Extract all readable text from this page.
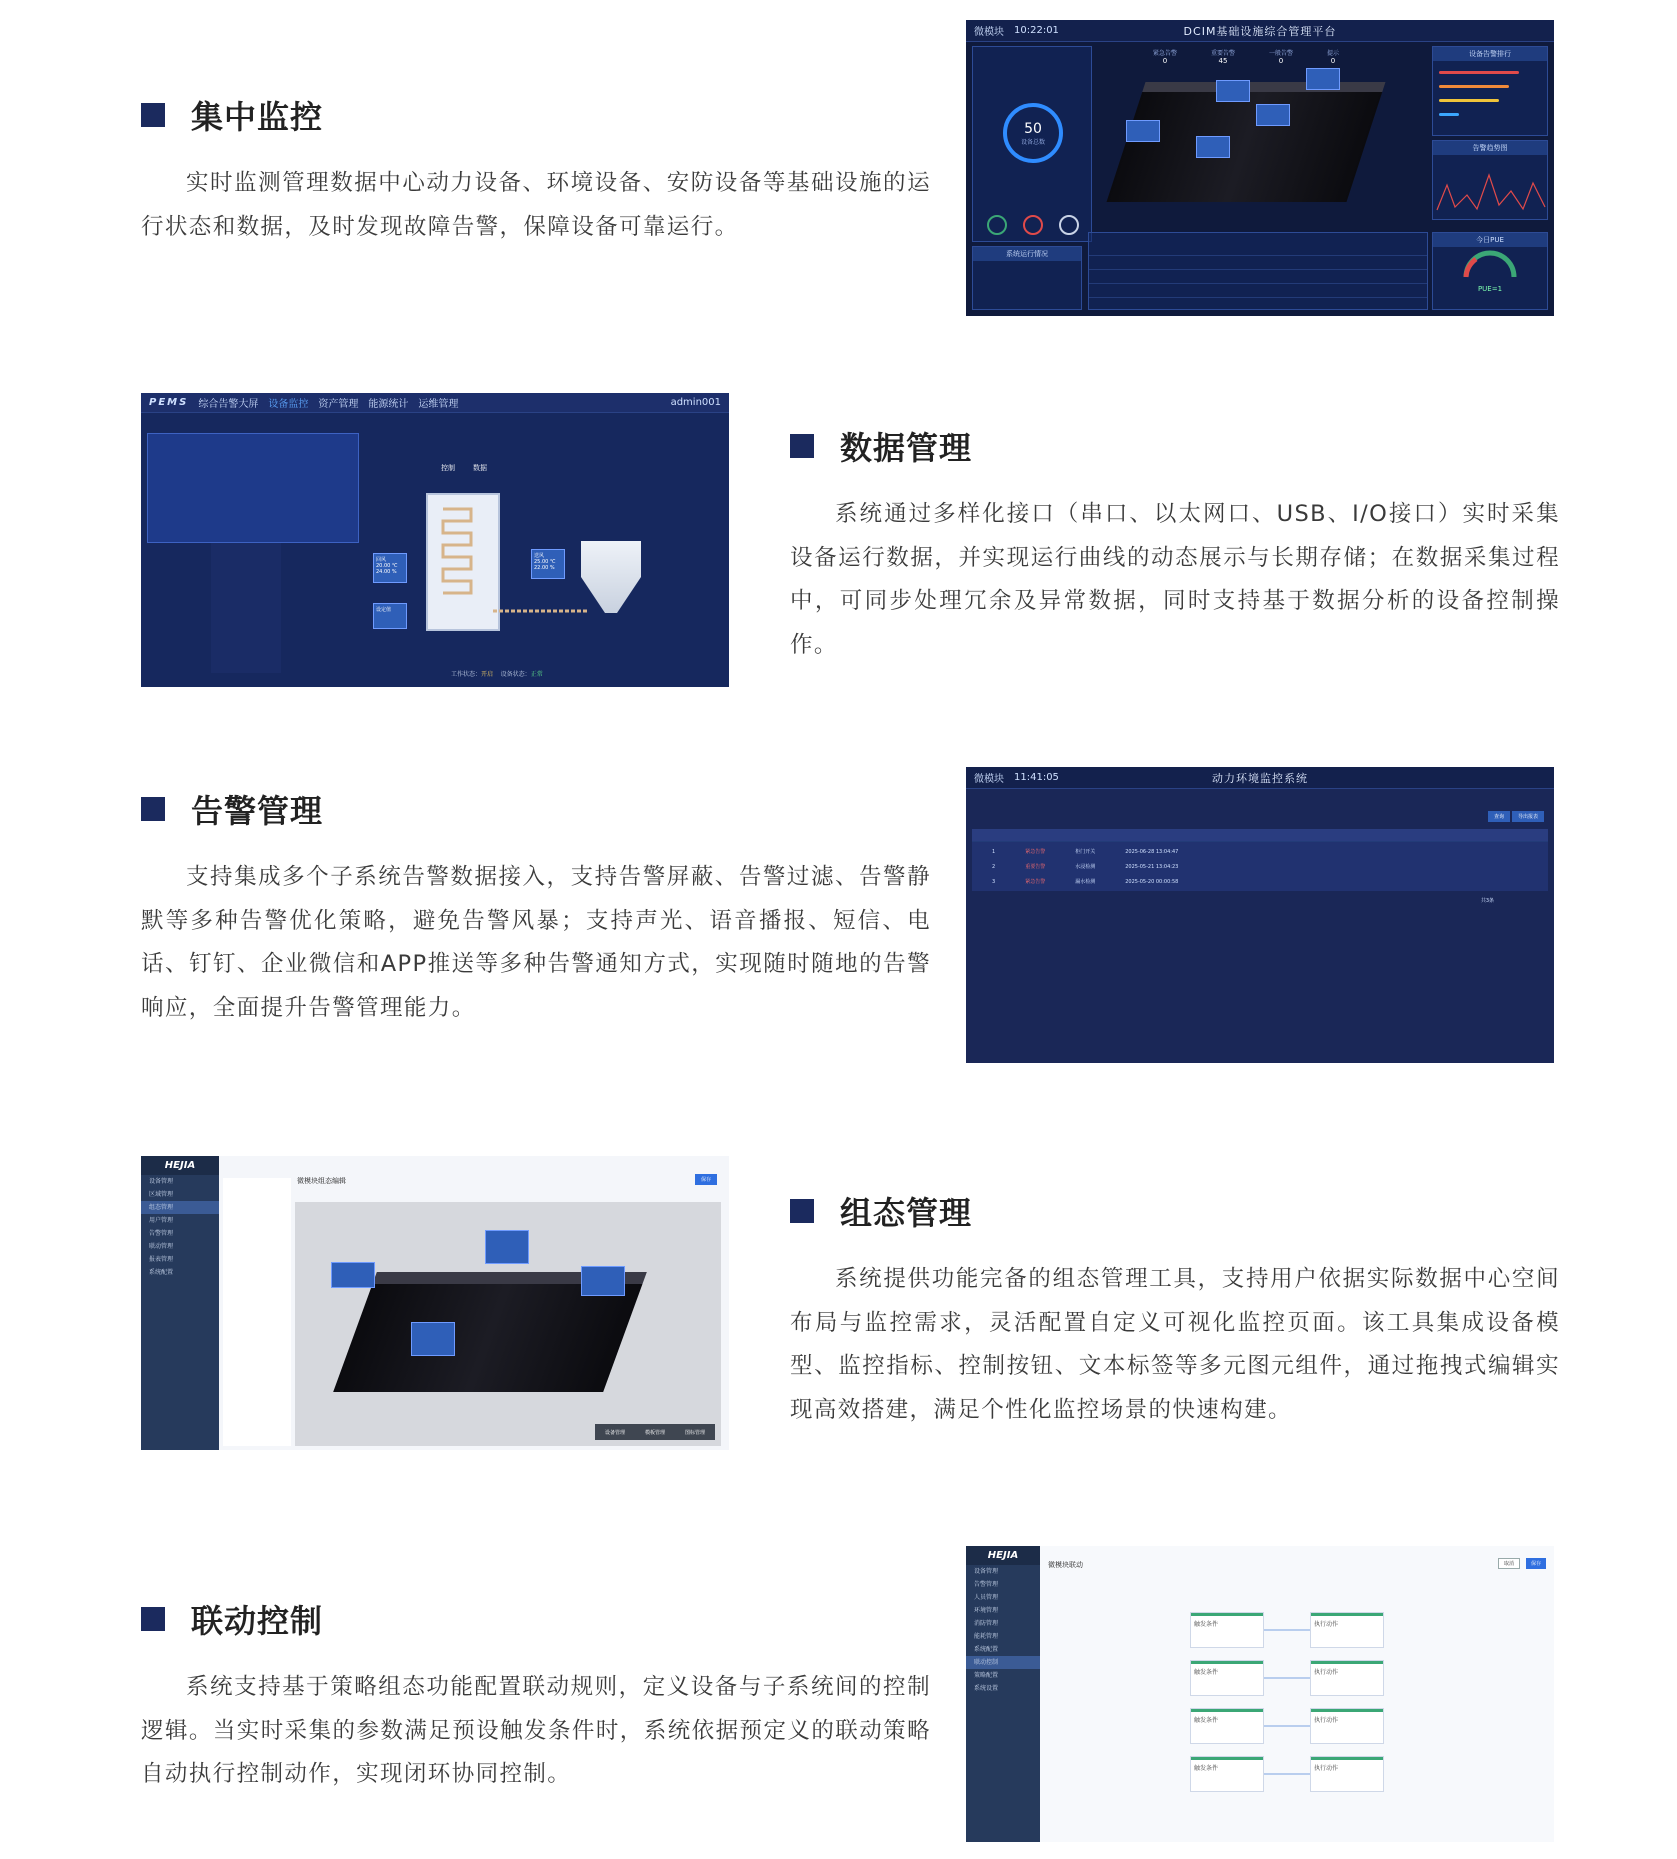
集中监控

实时监测管理数据中心动力设备、环境设备、安防设备等基础设施的运行状态和数据，及时发现故障告警，保障设备可靠运行。

微模块 10:22:01	DCIM基础设施综合管理平台
50
设备总数
紧急告警
0
重要告警
45
一般告警
0
提示
0
设备告警排行
告警趋势图
系统运行情况
今日PUE
PUE=1
PEMS 综合告警大屏 设备监控 资产管理 能源统计 运维管理	admin001
控制	数据
回风
20.00 ℃
24.00 %
送风
25.00 ℃
22.00 %
设定值
工作状态：开启 设备状态：正常
数据管理

系统通过多样化接口（串口、以太网口、USB、I/O接口）实时采集设备运行数据，并实现运行曲线的动态展示与长期存储；在数据采集过程中，可同步处理冗余及异常数据，同时支持基于数据分析的设备控制操作。

告警管理

支持集成多个子系统告警数据接入，支持告警屏蔽、告警过滤、告警静默等多种告警优化策略，避免告警风暴；支持声光、语音播报、短信、电话、钉钉、企业微信和APP推送等多种告警通知方式，实现随时随地的告警响应，全面提升告警管理能力。

微模块 11:41:05	动力环境监控系统
查询	导出报表
1	紧急告警	柜门开关	2025-06-28 13:04:47
2	重要告警	水浸检测	2025-05-21 13:04:23
3	紧急告警	漏水检测	2025-05-20 00:00:58
共3条
HEJIA
设备管理
区域管理
组态管理
用户管理
告警管理
联动管理
报表管理
系统配置
微模块组态编辑	保存
设备管理	模板管理	图标管理
组态管理

系统提供功能完备的组态管理工具，支持用户依据实际数据中心空间布局与监控需求，灵活配置自定义可视化监控页面。该工具集成设备模型、监控指标、控制按钮、文本标签等多元图元组件，通过拖拽式编辑实现高效搭建，满足个性化监控场景的快速构建。

联动控制

系统支持基于策略组态功能配置联动规则，定义设备与子系统间的控制逻辑。当实时采集的参数满足预设触发条件时，系统依据预定义的联动策略自动执行控制动作，实现闭环协同控制。

HEJIA
设备管理
告警管理
人员管理
环境管理
消防管理
能耗管理
系统配置
联动控制
策略配置
系统设置
微模块联动	取消	保存
触发条件	执行动作
触发条件	执行动作
触发条件	执行动作
触发条件	执行动作
